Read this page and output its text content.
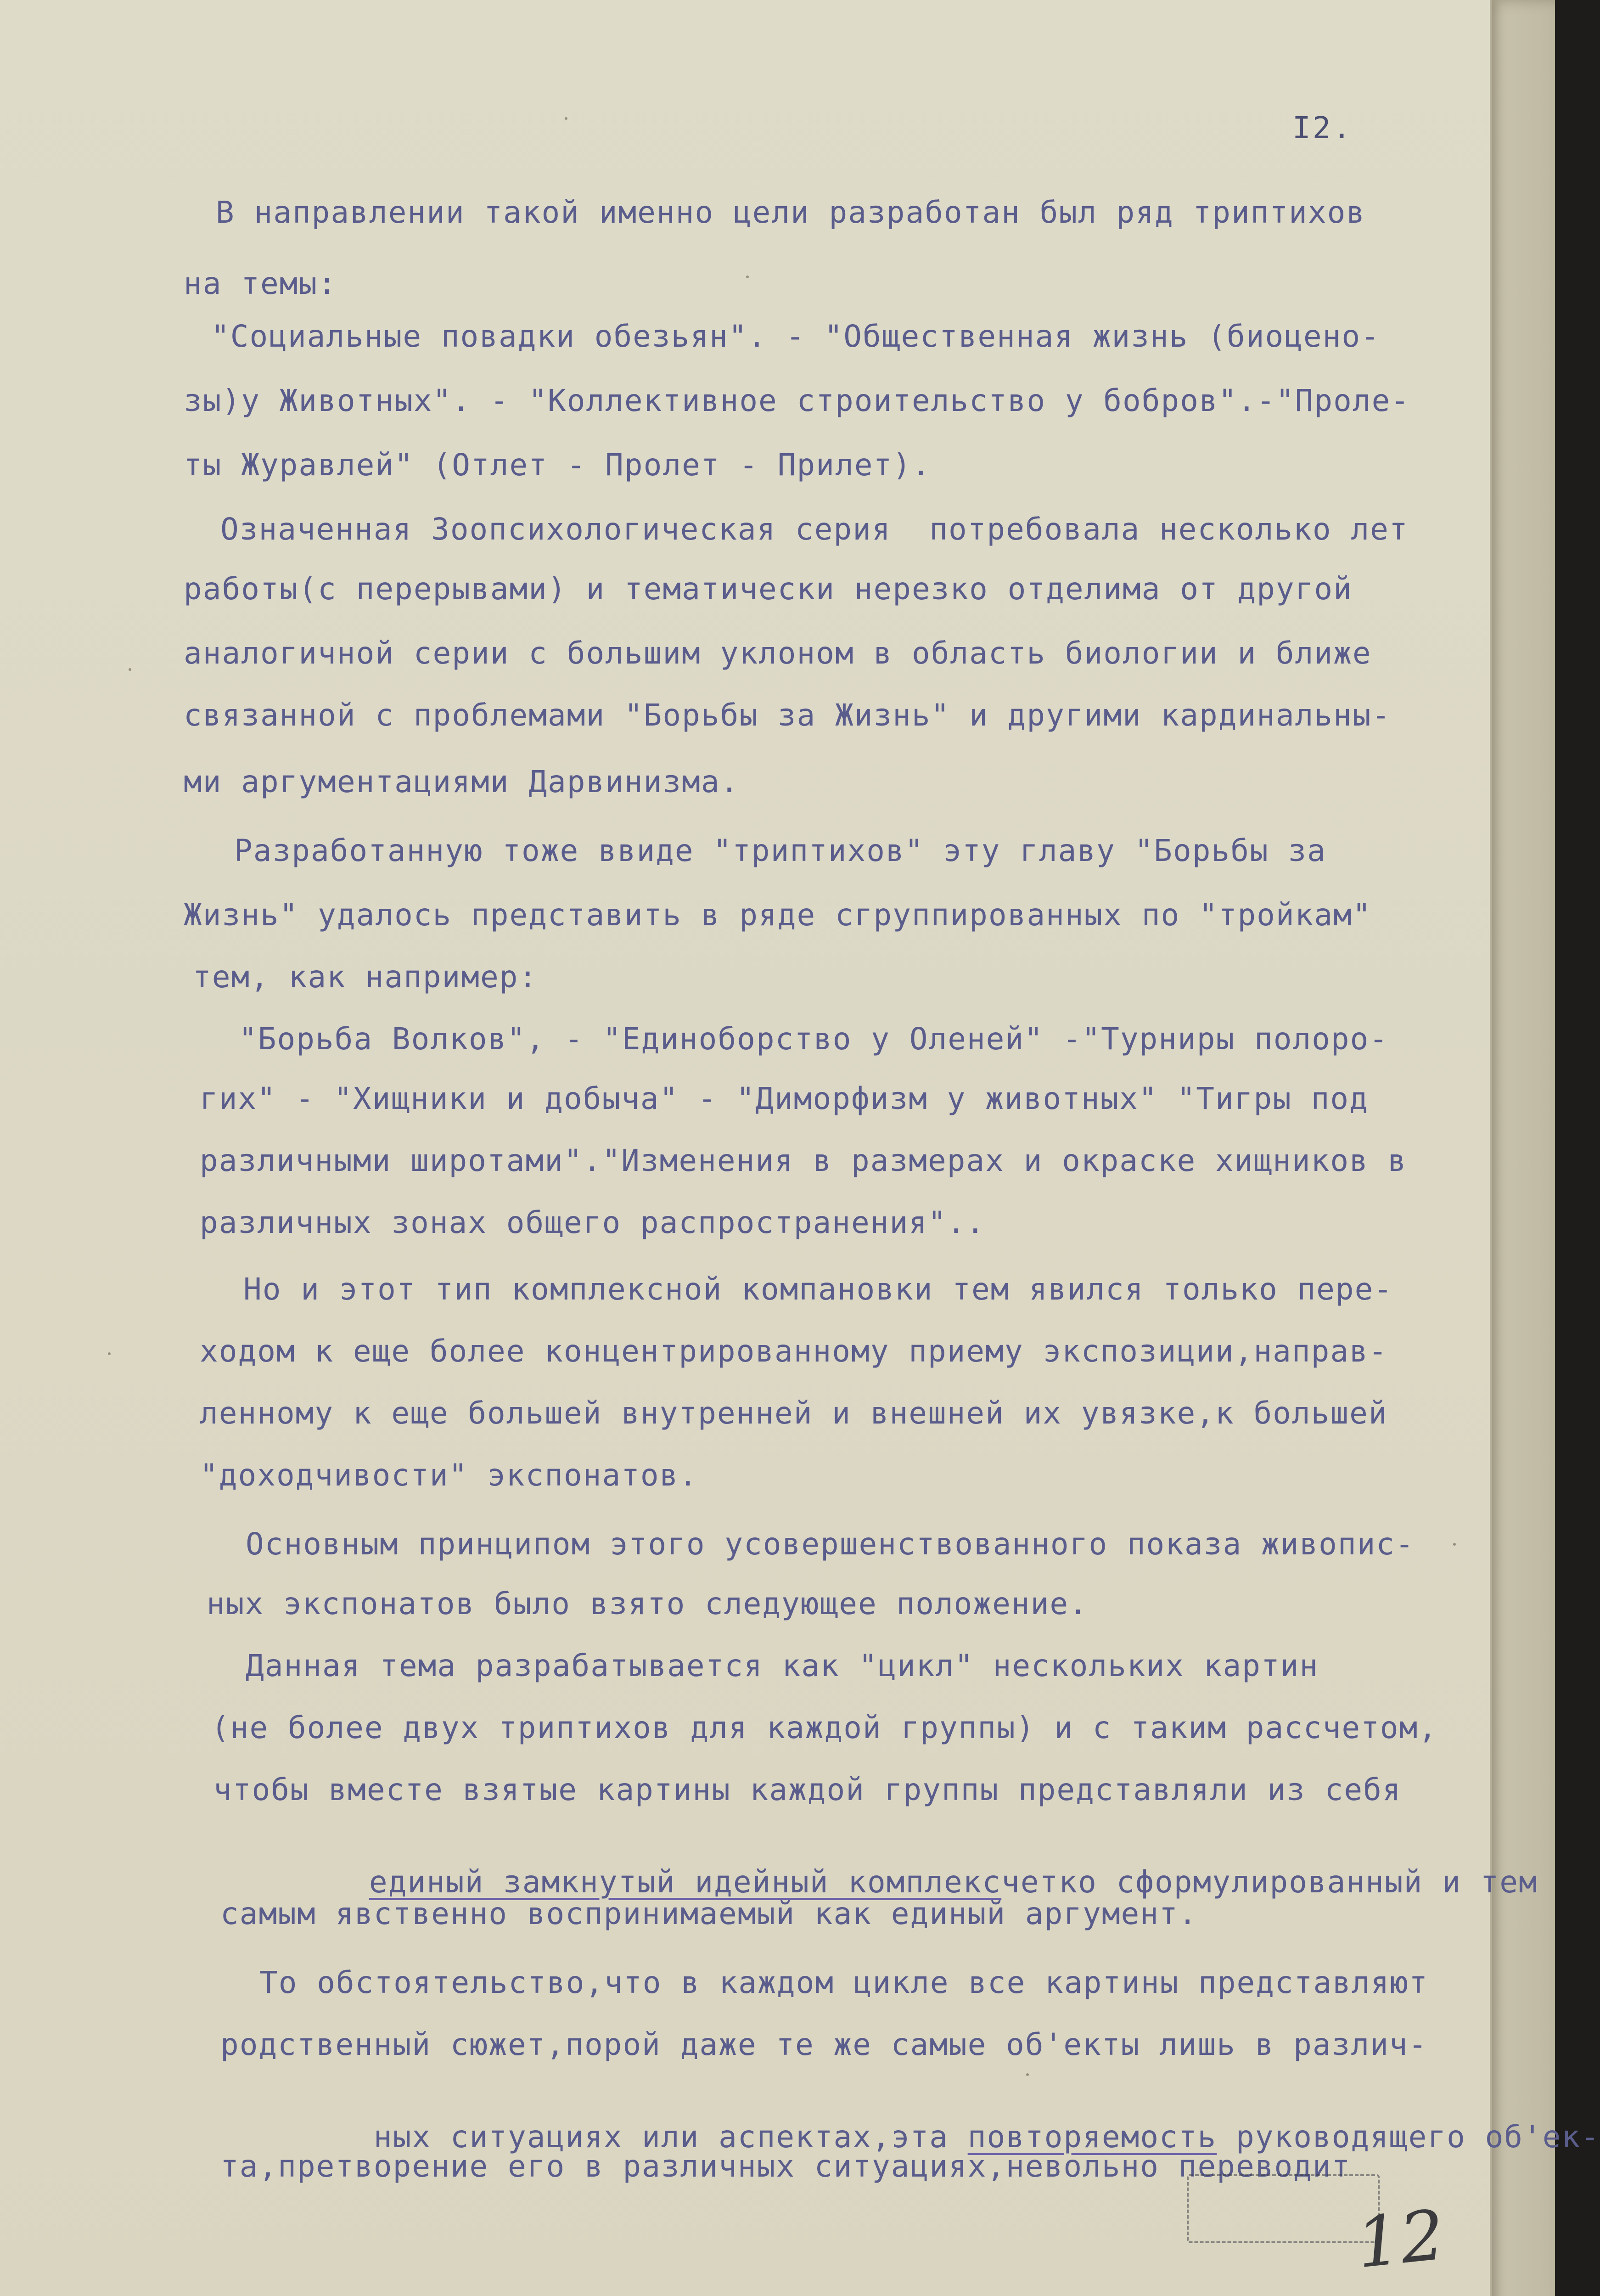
I2.
В направлении такой именно цели разработан был ряд триптихов
на темы:
"Социальные повадки обезьян". - "Общественная жизнь (биоцено-
зы)у Животных". - "Коллективное строительство у бобров".-"Проле-
ты Журавлей" (Отлет - Пролет - Прилет).
Означенная Зоопсихологическая серия  потребовала несколько лет
работы(с перерывами) и тематически нерезко отделима от другой
аналогичной серии с большим уклоном в область биологии и ближе
связанной с проблемами "Борьбы за Жизнь" и другими кардинальны-
ми аргументациями Дарвинизма.
Разработанную тоже ввиде "триптихов" эту главу "Борьбы за
Жизнь" удалось представить в ряде сгруппированных по "тройкам"
тем, как например:
"Борьба Волков", - "Единоборство у Оленей" -"Турниры полоро-
гих" - "Хищники и добыча" - "Диморфизм у животных" "Тигры под
различными широтами"."Изменения в размерах и окраске хищников в
различных зонах общего распространения"..
Но и этот тип комплексной компановки тем явился только пере-
ходом к еще более концентрированному приему экспозиции,направ-
ленному к еще большей внутренней и внешней их увязке,к большей
"доходчивости" экспонатов.
Основным принципом этого усовершенствованного показа живопис-
ных экспонатов было взято следующее положение.
Данная тема разрабатывается как "цикл" нескольких картин
(не более двух триптихов для каждой группы) и с таким рассчетом,
чтобы вместе взятые картины каждой группы представляли из себя

единый замкнутый идейный комплексчетко сформулированный и тем

самым явственно воспринимаемый как единый аргумент.
То обстоятельство,что в каждом цикле все картины представляют
родственный сюжет,порой даже те же самые об'екты лишь в различ-

ных ситуациях или аспектах,эта повторяемость руководящего об'ек-

та,претворение его в различных ситуациях,невольно переводит
12
